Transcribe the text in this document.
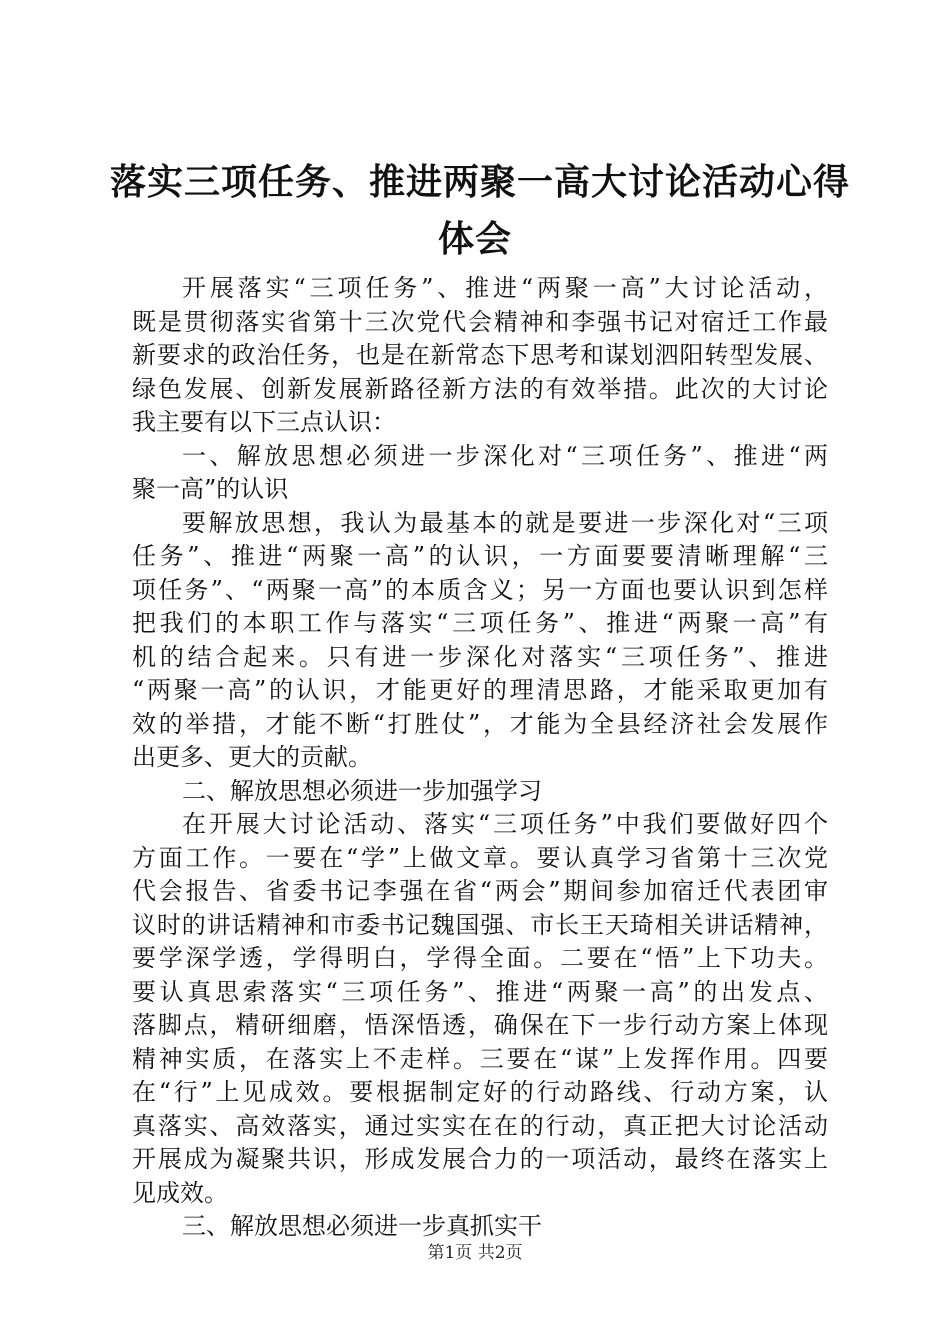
落实三项任务、推进两聚一高大讨论活动心得
体会
开展落实“三项任务”、推进“两聚一高”大讨论活动，
既是贯彻落实省第十三次党代会精神和李强书记对宿迁工作最
新要求的政治任务，也是在新常态下思考和谋划泗阳转型发展、
绿色发展、创新发展新路径新方法的有效举措。此次的大讨论
我主要有以下三点认识：
一、解放思想必须进一步深化对“三项任务”、推进“两
聚一高”的认识
要解放思想，我认为最基本的就是要进一步深化对“三项
任务”、推进“两聚一高”的认识，一方面要要清晰理解“三
项任务”、“两聚一高”的本质含义；另一方面也要认识到怎样
把我们的本职工作与落实“三项任务”、推进“两聚一高”有
机的结合起来。只有进一步深化对落实“三项任务”、推进
“两聚一高”的认识，才能更好的理清思路，才能采取更加有
效的举措，才能不断“打胜仗”，才能为全县经济社会发展作
出更多、更大的贡献。
二、解放思想必须进一步加强学习
在开展大讨论活动、落实“三项任务”中我们要做好四个
方面工作。一要在“学”上做文章。要认真学习省第十三次党
代会报告、省委书记李强在省“两会”期间参加宿迁代表团审
议时的讲话精神和市委书记魏国强、市长王天琦相关讲话精神，
要学深学透，学得明白，学得全面。二要在“悟”上下功夫。
要认真思索落实“三项任务”、推进“两聚一高”的出发点、
落脚点，精研细磨，悟深悟透，确保在下一步行动方案上体现
精神实质，在落实上不走样。三要在“谋”上发挥作用。四要
在“行”上见成效。要根据制定好的行动路线、行动方案，认
真落实、高效落实，通过实实在在的行动，真正把大讨论活动
开展成为凝聚共识，形成发展合力的一项活动，最终在落实上
见成效。
三、解放思想必须进一步真抓实干
第1页 共2页
